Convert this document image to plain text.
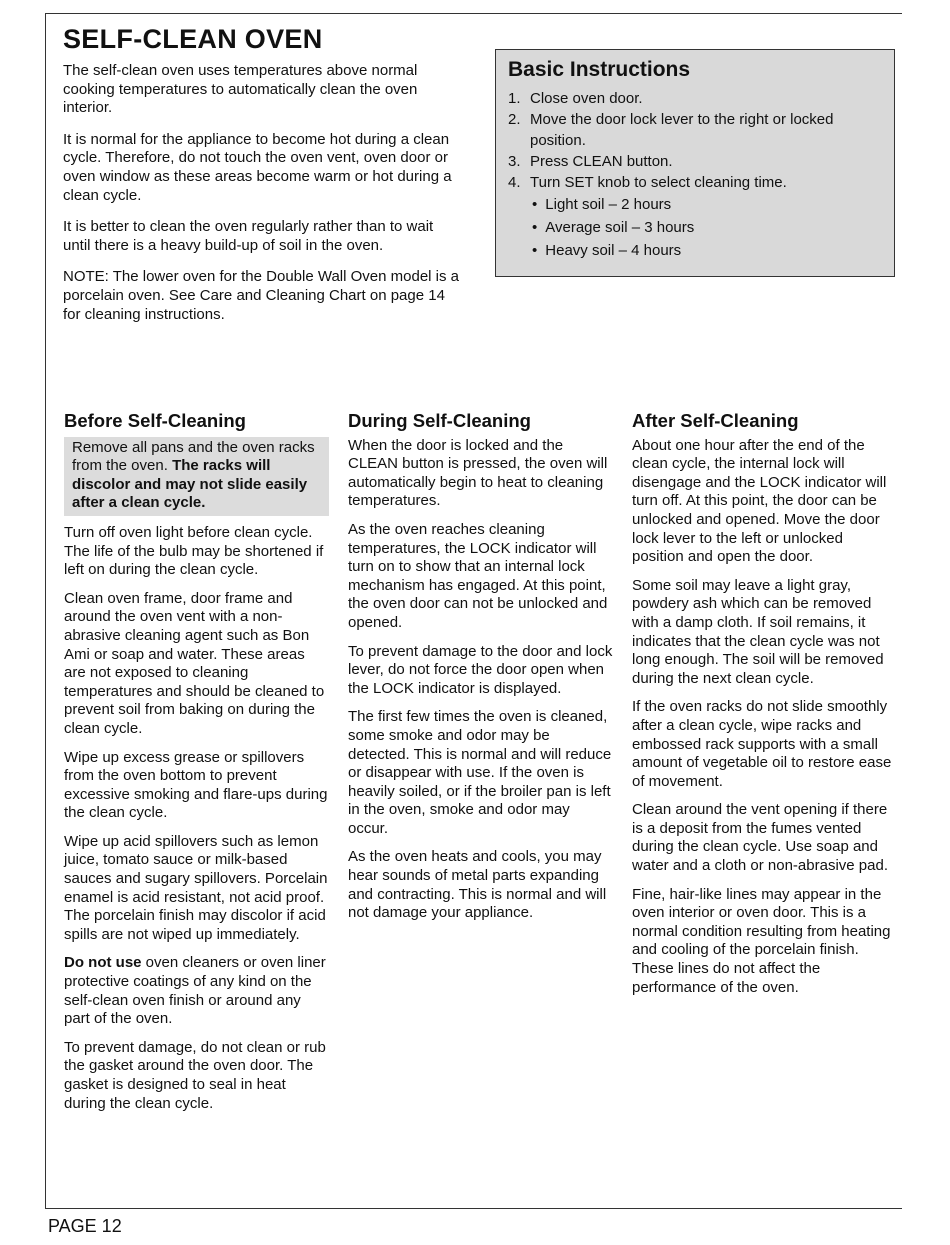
SELF-CLEAN OVEN

The self-clean oven uses temperatures above normal cooking temperatures to automatically clean the oven interior.

It is normal for the appliance to become hot during a clean cycle. Therefore, do not touch the oven vent, oven door or oven window as these areas become warm or hot during a clean cycle.

It is better to clean the oven regularly rather than to wait until there is a heavy build-up of soil in the oven.

NOTE: The lower oven for the Double Wall Oven model is a porcelain oven. See Care and Cleaning Chart on page 14 for cleaning instructions.

Basic Instructions
1. Close oven door.
2. Move the door lock lever to the right or locked position.
3. Press CLEAN button.
4. Turn SET knob to select cleaning time.
• Light soil – 2 hours
• Average soil – 3 hours
• Heavy soil – 4 hours
Before Self-Cleaning

Remove all pans and the oven racks from the oven. The racks will discolor and may not slide easily after a clean cycle.

Turn off oven light before clean cycle. The life of the bulb may be shortened if left on during the clean cycle.

Clean oven frame, door frame and around the oven vent with a non-abrasive cleaning agent such as Bon Ami or soap and water. These areas are not exposed to cleaning temperatures and should be cleaned to prevent soil from baking on during the clean cycle.

Wipe up excess grease or spillovers from the oven bottom to prevent excessive smoking and flare-ups during the clean cycle.

Wipe up acid spillovers such as lemon juice, tomato sauce or milk-based sauces and sugary spillovers. Porcelain enamel is acid resistant, not acid proof. The porcelain finish may discolor if acid spills are not wiped up immediately.

Do not use oven cleaners or oven liner protective coatings of any kind on the self-clean oven finish or around any part of the oven.

To prevent damage, do not clean or rub the gasket around the oven door. The gasket is designed to seal in heat during the clean cycle.

During Self-Cleaning

When the door is locked and the CLEAN button is pressed, the oven will automatically begin to heat to cleaning temperatures.

As the oven reaches cleaning temperatures, the LOCK indicator will turn on to show that an internal lock mechanism has engaged. At this point, the oven door can not be unlocked and opened.

To prevent damage to the door and lock lever, do not force the door open when the LOCK indicator is displayed.

The first few times the oven is cleaned, some smoke and odor may be detected. This is normal and will reduce or disappear with use. If the oven is heavily soiled, or if the broiler pan is left in the oven, smoke and odor may occur.

As the oven heats and cools, you may hear sounds of metal parts expanding and contracting. This is normal and will not damage your appliance.

After Self-Cleaning

About one hour after the end of the clean cycle, the internal lock will disengage and the LOCK indicator will turn off. At this point, the door can be unlocked and opened. Move the door lock lever to the left or unlocked position and open the door.

Some soil may leave a light gray, powdery ash which can be removed with a damp cloth. If soil remains, it indicates that the clean cycle was not long enough. The soil will be removed during the next clean cycle.

If the oven racks do not slide smoothly after a clean cycle, wipe racks and embossed rack supports with a small amount of vegetable oil to restore ease of movement.

Clean around the vent opening if there is a deposit from the fumes vented during the clean cycle. Use soap and water and a cloth or non-abrasive pad.

Fine, hair-like lines may appear in the oven interior or oven door. This is a normal condition resulting from heating and cooling of the porcelain finish. These lines do not affect the performance of the oven.

PAGE 12
